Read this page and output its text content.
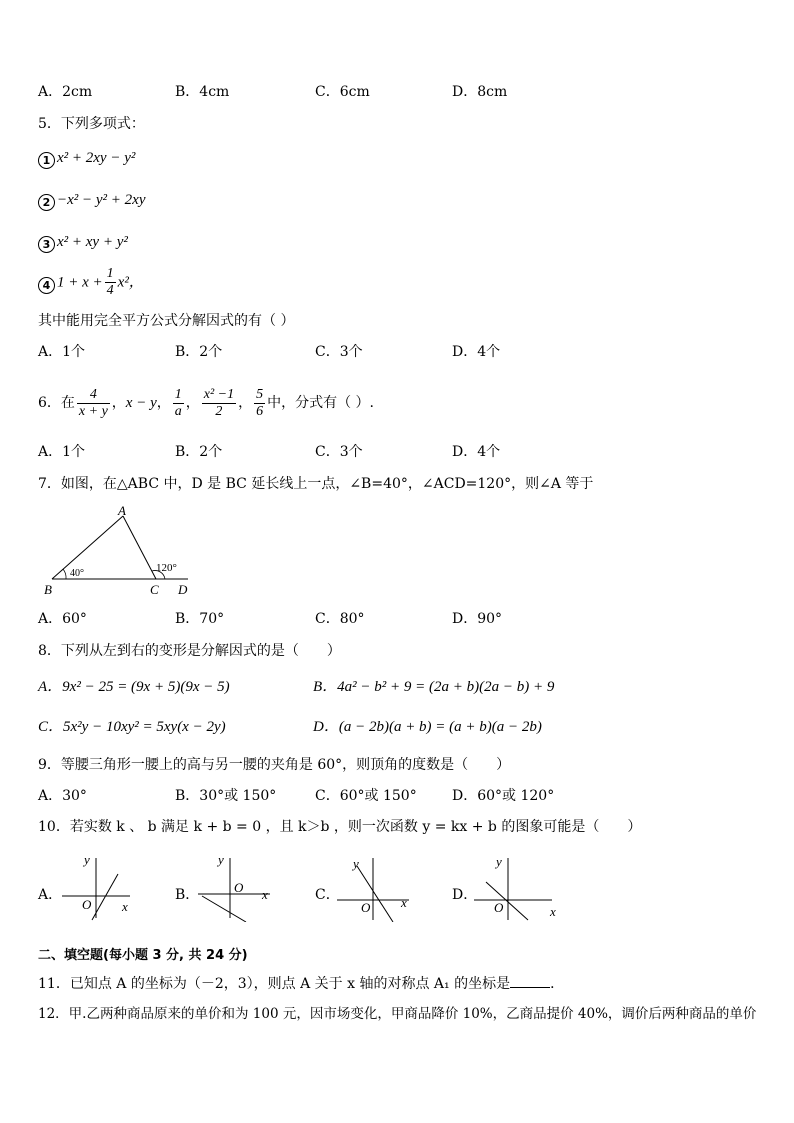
A．2cm	B．4cm	C．6cm	D．8cm
5．下列多项式：
1 x² + 2xy − y²
2 −x² − y² + 2xy
3 x² + xy + y²
4 $1 + x + \frac{1}{4} x^2$，
其中能用完全平方公式分解因式的有（ ）
A．1个	B．2个	C．3个	D．4个
6．在 $\frac{4}{x + y}$ ，x − y， $\frac{1}{a}$ ， $\frac{\text{x² −1}}{2}$ ， $\frac{5}{6}$ 中，分式有（ ）.
A．1个	B．2个	C．3个	D．4个
7．如图，在△ABC 中，D 是 BC 延长线上一点，∠B=40°，∠ACD=120°，则∠A 等于
A
B	C D
40°	120°
A．60°	B．70°	C．80°	D．90°
8．下列从左到右的变形是分解因式的是（　　）
A．9x² − 25 = (9x + 5)(9x − 5)	B．4a² − b² + 9 = (2a + b)(2a − b) + 9
C．5x²y − 10xy² = 5xy(x − 2y)	D．(a − 2b)(a + b) = (a + b)(a − 2b)
9．等腰三角形一腰上的高与另一腰的夹角是 60°，则顶角的度数是（　　）
A．30°	B．30°或 150°	C．60°或 150°	D．60°或 120°
10．若实数 k 、 b 满足 k + b = 0 ，且 k＞b ，则一次函数 y = kx + b 的图象可能是（　　）
A．
y
x
O
B．
y
x
O	C．
y
x
O
D．
y
x
O
二、填空题(每小题 3 分, 共 24 分)
11．已知点 A 的坐标为（－2，3），则点 A 关于 x 轴的对称点 A₁ 的坐标是	．
12．甲.乙两种商品原来的单价和为 100 元，因市场变化，甲商品降价 10%，乙商品提价 40%，调价后两种商品的单价
